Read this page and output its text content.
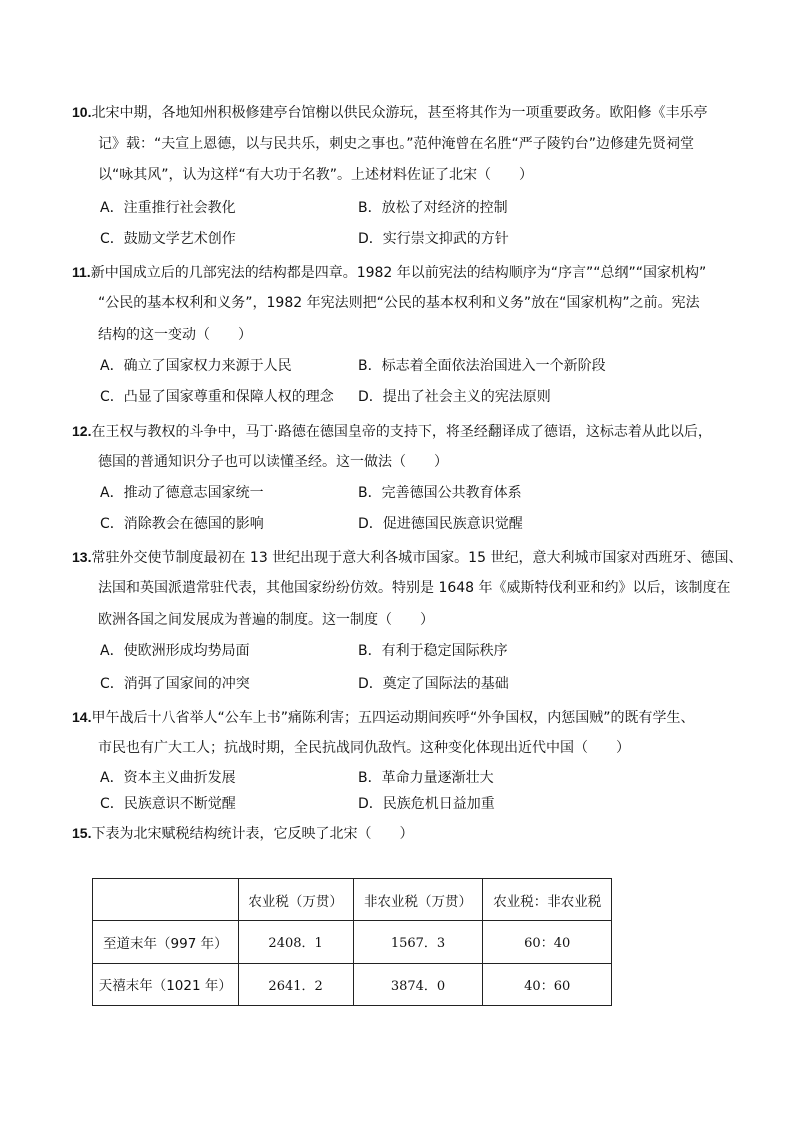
10.北宋中期，各地知州积极修建亭台馆榭以供民众游玩，甚至将其作为一项重要政务。欧阳修《丰乐亭
记》载：“夫宣上恩德，以与民共乐，刺史之事也。”范仲淹曾在名胜“严子陵钓台”边修建先贤祠堂
以“咏其风”，认为这样“有大功于名教”。上述材料佐证了北宋（　　）
A．注重推行社会教化	B．放松了对经济的控制
C．鼓励文学艺术创作	D．实行崇文抑武的方针
11.新中国成立后的几部宪法的结构都是四章。1982 年以前宪法的结构顺序为“序言”“总纲”“国家机构”
“公民的基本权利和义务”，1982 年宪法则把“公民的基本权利和义务”放在“国家机构”之前。宪法
结构的这一变动（　　）
A．确立了国家权力来源于人民	B．标志着全面依法治国进入一个新阶段
C．凸显了国家尊重和保障人权的理念 D．提出了社会主义的宪法原则
12.在王权与教权的斗争中，马丁·路德在德国皇帝的支持下，将圣经翻译成了德语，这标志着从此以后，
德国的普通知识分子也可以读懂圣经。这一做法（　　）
A．推动了德意志国家统一	B．完善德国公共教育体系
C．消除教会在德国的影响	D．促进德国民族意识觉醒
13.常驻外交使节制度最初在 13 世纪出现于意大利各城市国家。15 世纪，意大利城市国家对西班牙、德国、
法国和英国派遣常驻代表，其他国家纷纷仿效。特别是 1648 年《威斯特伐利亚和约》以后，该制度在
欧洲各国之间发展成为普遍的制度。这一制度（　　）
A．使欧洲形成均势局面	B．有利于稳定国际秩序
C．消弭了国家间的冲突	D．奠定了国际法的基础
14.甲午战后十八省举人“公车上书”痛陈利害；五四运动期间疾呼“外争国权，内惩国贼”的既有学生、
市民也有广大工人；抗战时期，全民抗战同仇敌忾。这种变化体现出近代中国（　　）
A．资本主义曲折发展	B．革命力量逐渐壮大
C．民族意识不断觉醒	D．民族危机日益加重
15.下表为北宋赋税结构统计表，它反映了北宋（　　）
	农业税（万贯）	非农业税（万贯）	农业税：非农业税
至道末年（997 年）	2408．1	1567．3	60：40
天禧末年（1021 年）	2641．2	3874．0	40：60
